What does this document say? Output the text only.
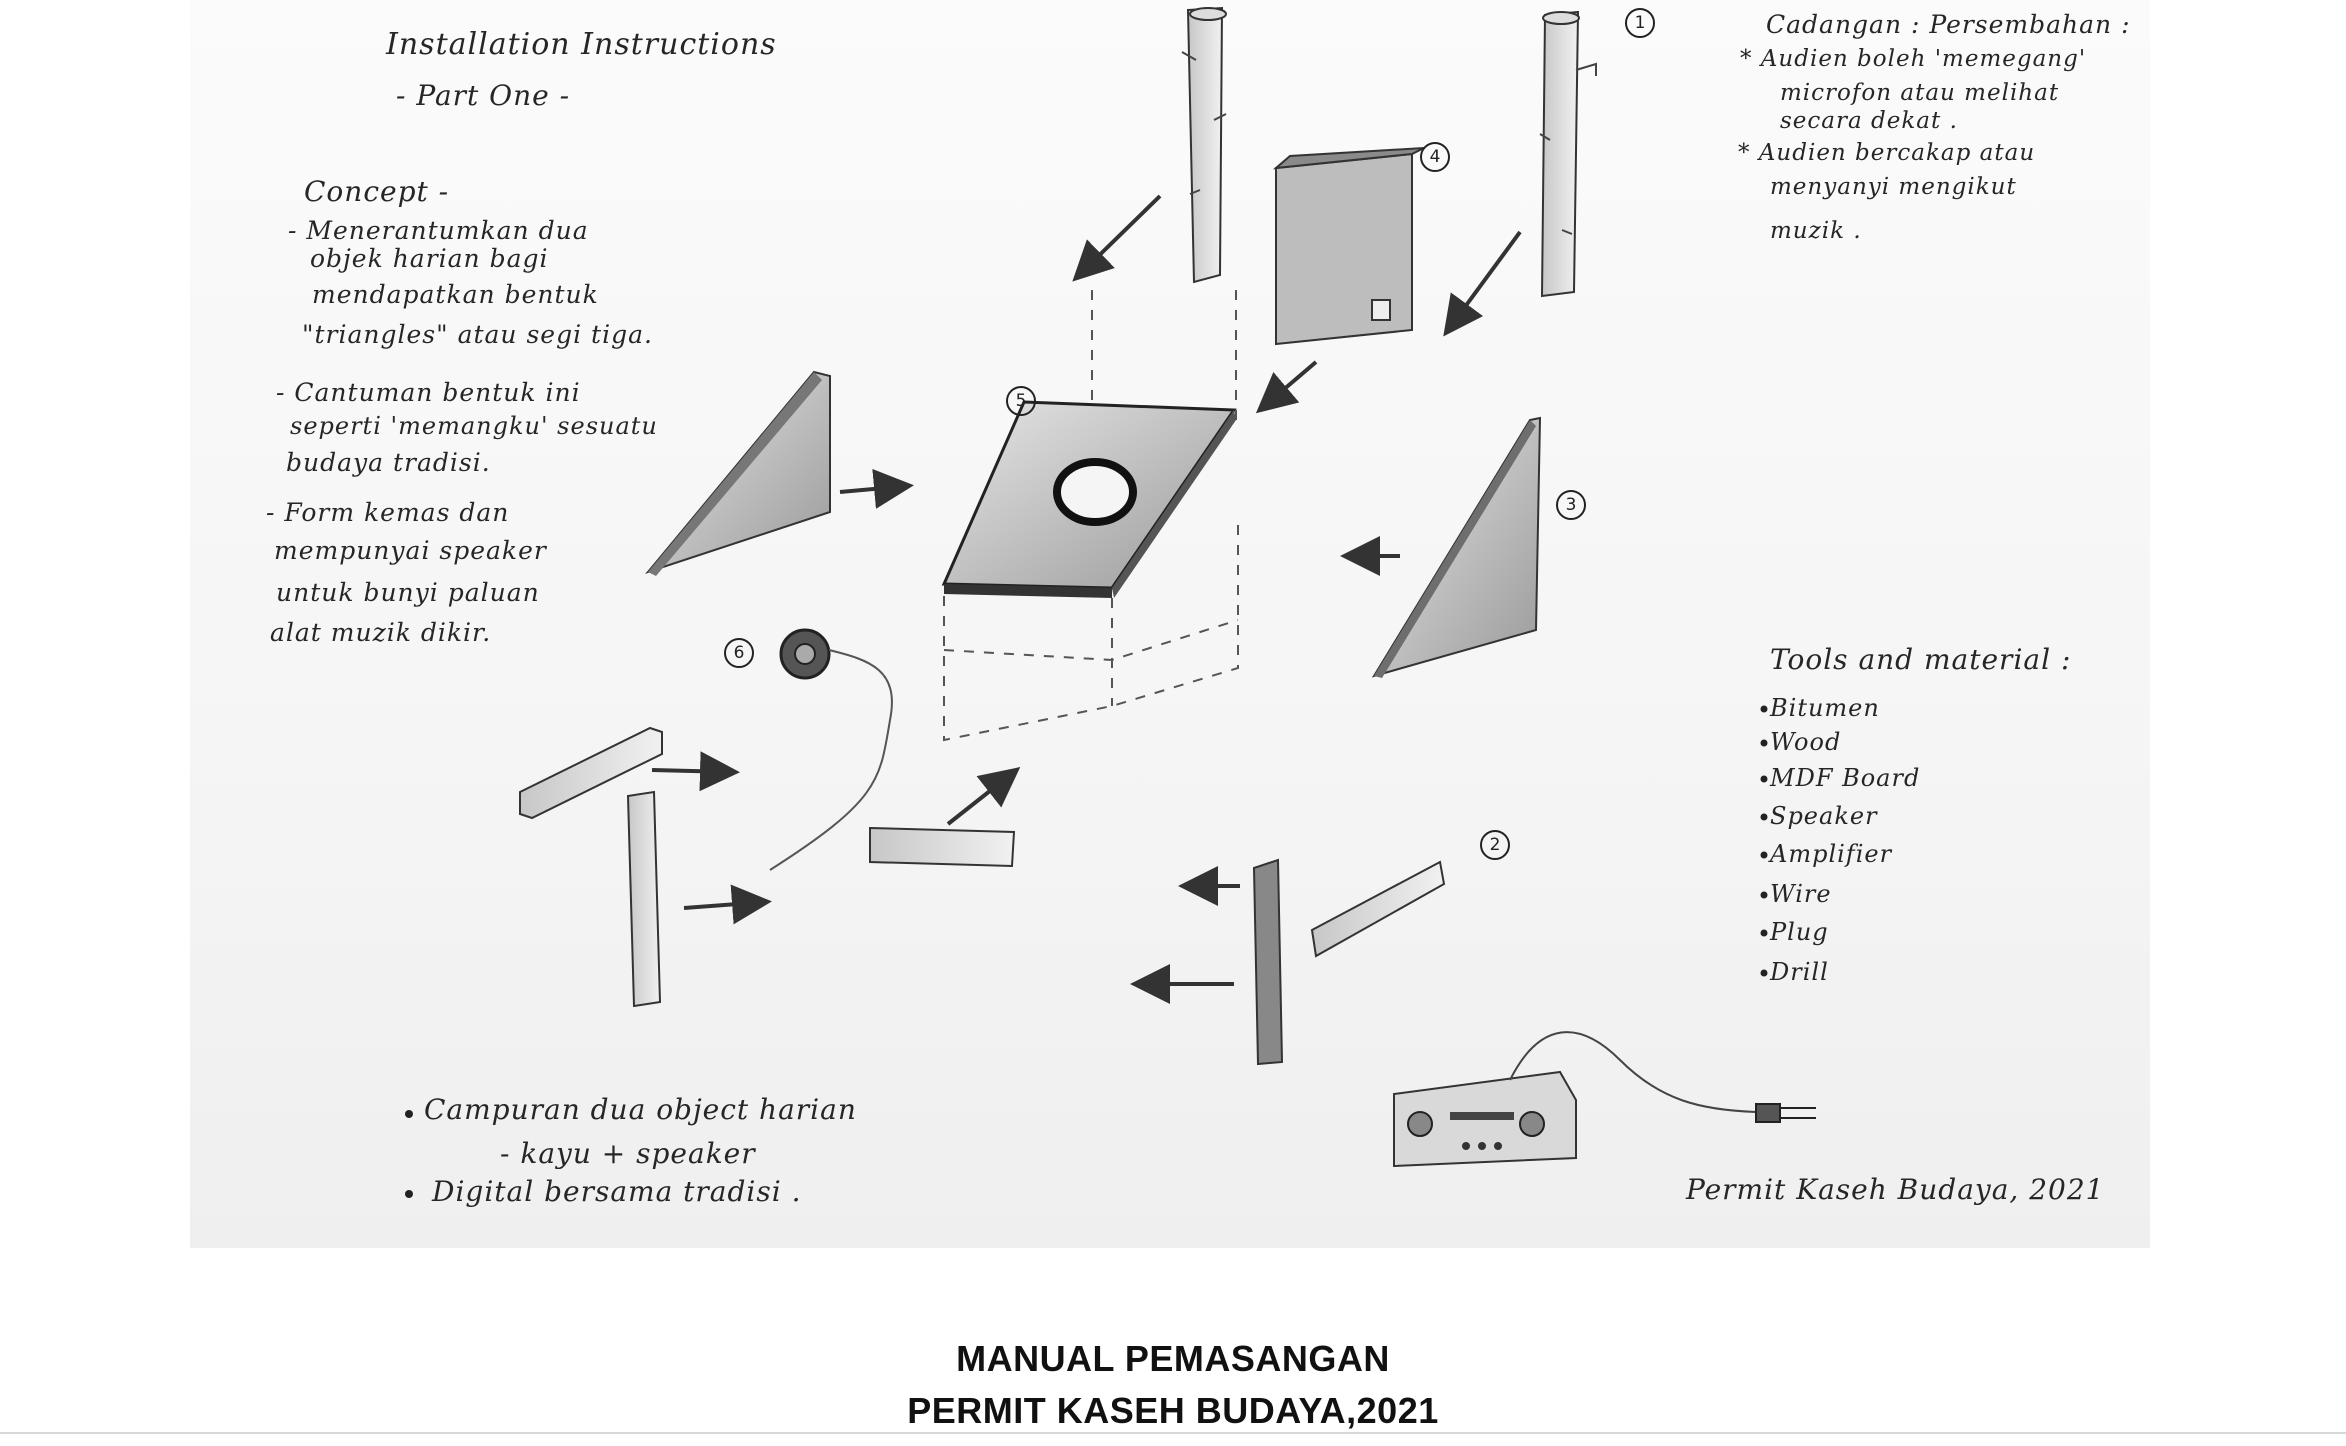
Installation Instructions
- Part One -
Concept -
- Menerantumkan dua
objek harian bagi
mendapatkan bentuk
"triangles" atau segi tiga.
- Cantuman bentuk ini
seperti 'memangku' sesuatu
budaya tradisi.
- Form kemas dan
mempunyai speaker
untuk bunyi paluan
alat muzik dikir.
Cadangan : Persembahan :
* Audien boleh 'memegang'
microfon atau melihat
secara dekat .
* Audien bercakap atau
menyanyi mengikut
muzik .
Tools and material :
Bitumen
Wood
MDF Board
Speaker
Amplifier
Wire
Plug
Drill
Campuran dua object harian
- kayu + speaker
Digital bersama tradisi .	Permit Kaseh Budaya, 2021
1
2
3
4
5
6
MANUAL PEMASANGAN
PERMIT KASEH BUDAYA,2021
